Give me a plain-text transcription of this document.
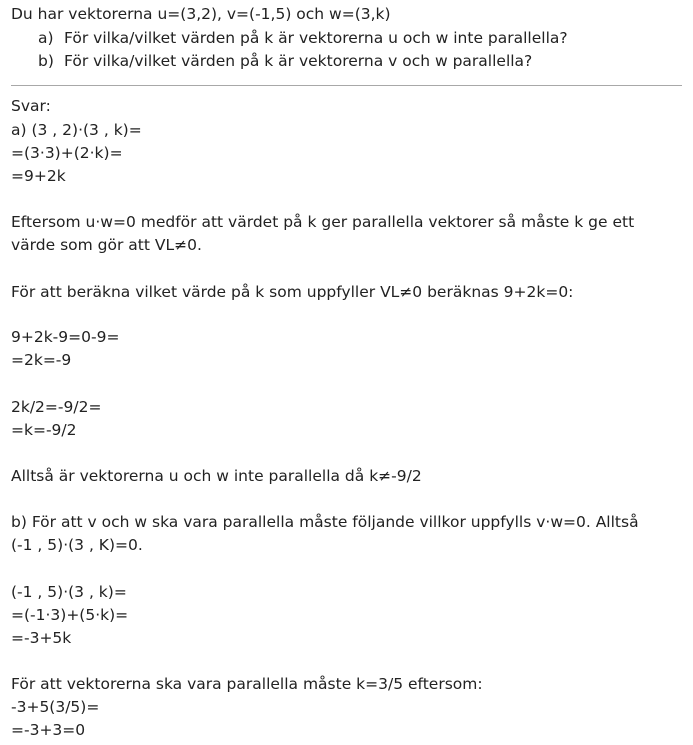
Du har vektorerna u=(3,2), v=(-1,5) och w=(3,k)
a) För vilka/vilket värden på k är vektorerna u och w inte parallella?
b) För vilka/vilket värden på k är vektorerna v och w parallella?
Svar:
a) (3 , 2)·(3 , k)=
=(3·3)+(2·k)=
=9+2k
Eftersom u·w=0 medför att värdet på k ger parallella vektorer så måste k ge ett
värde som gör att VL≠0.
För att beräkna vilket värde på k som uppfyller VL≠0 beräknas 9+2k=0:
9+2k-9=0-9=
=2k=-9
2k/2=-9/2=
=k=-9/2
Alltså är vektorerna u och w inte parallella då k≠-9/2
b) För att v och w ska vara parallella måste följande villkor uppfylls v·w=0. Alltså
(-1 , 5)·(3 , K)=0.
(-1 , 5)·(3 , k)=
=(-1·3)+(5·k)=
=-3+5k
För att vektorerna ska vara parallella måste k=3/5 eftersom:
-3+5(3/5)=
=-3+3=0
